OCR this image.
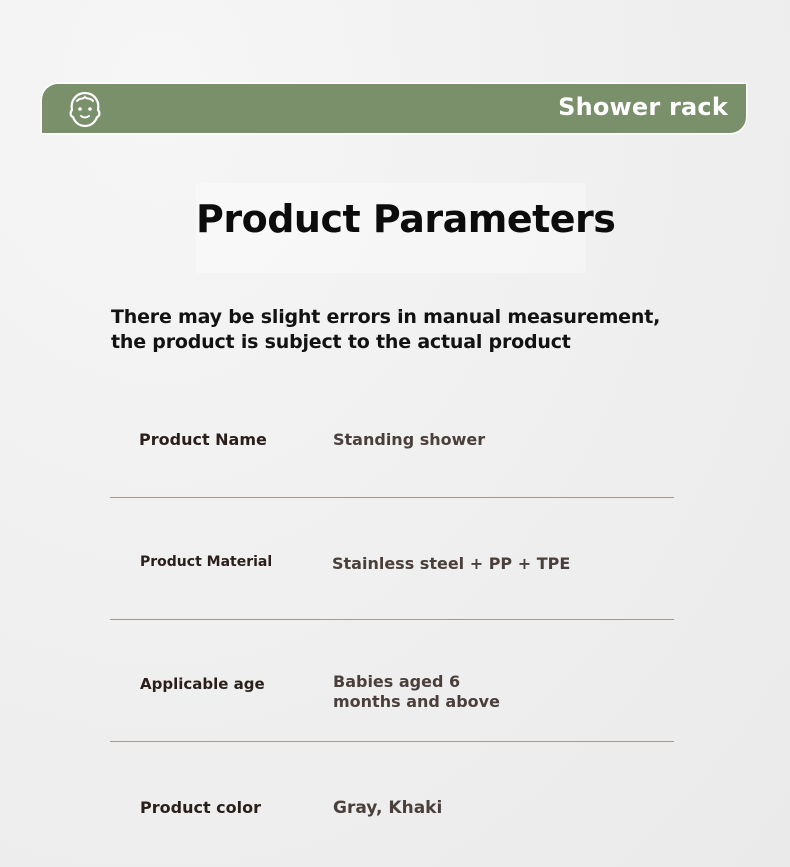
Shower rack
Product Parameters

There may be slight errors in manual measurement, the product is subject to the actual product

Product Name	Standing shower
Product Material	Stainless steel + PP + TPE
Applicable age	Babies aged 6 months and above
Product color	Gray, Khaki
